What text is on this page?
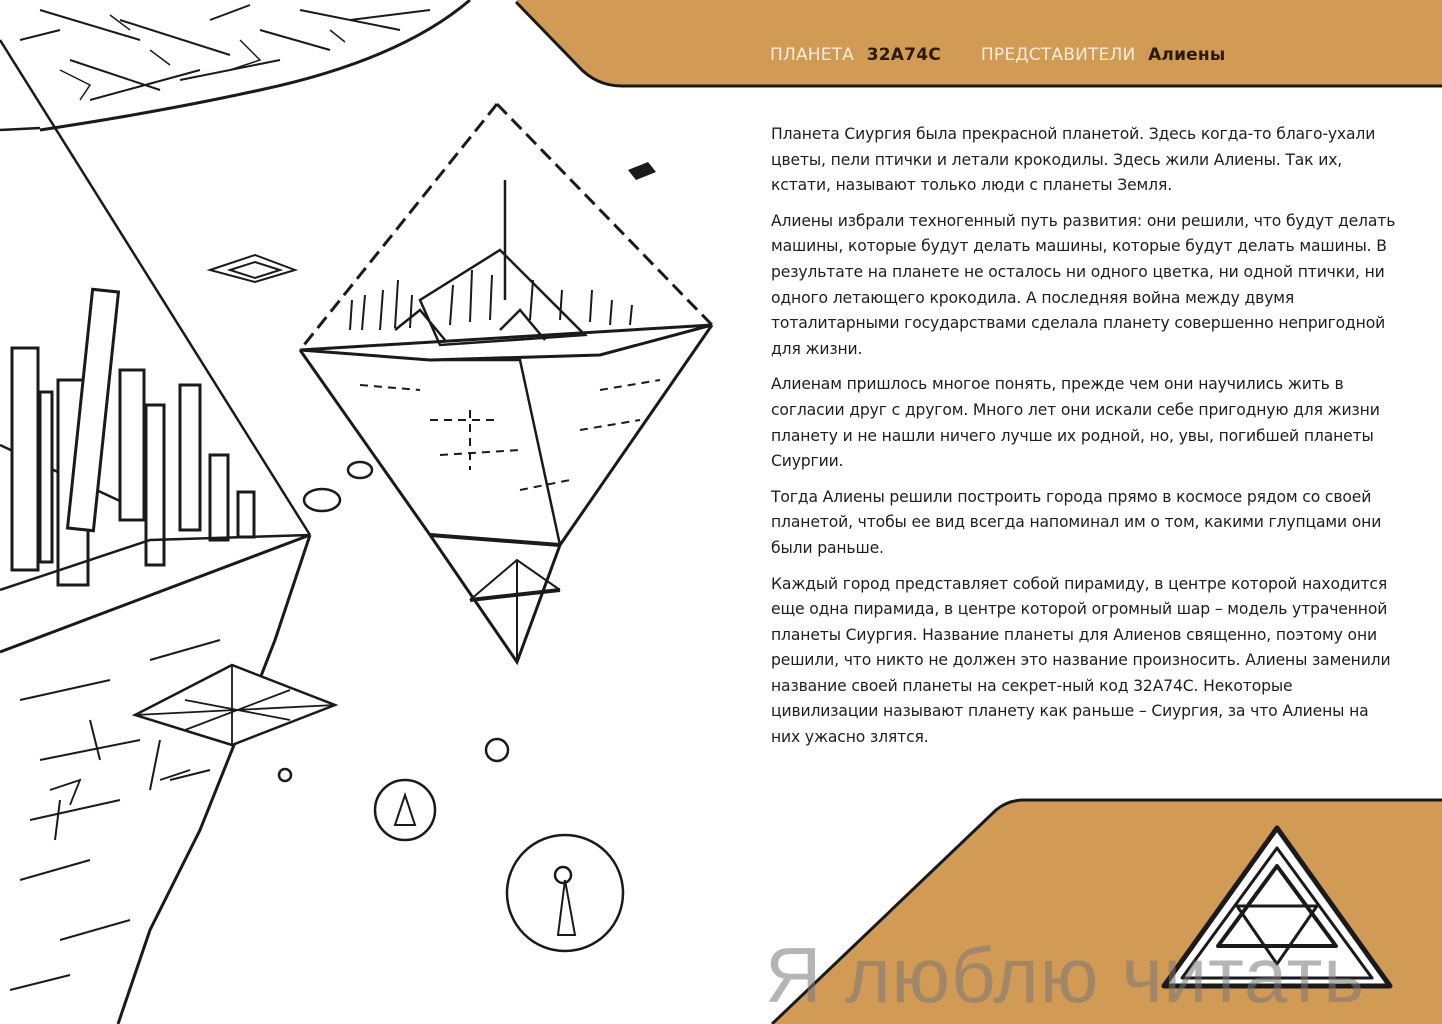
ПЛАНЕТА 32А74С ПРЕДСТАВИТЕЛИ Алиены

Планета Сиургия была прекрасной планетой. Здесь когда-то благо-ухали цветы, пели птички и летали крокодилы. Здесь жили Алиены. Так их, кстати, называют только люди с планеты Земля.

Алиены избрали техногенный путь развития: они решили, что будут делать машины, которые будут делать машины, которые будут делать машины. В результате на планете не осталось ни одного цветка, ни одной птички, ни одного летающего крокодила. А последняя война между двумя тоталитарными государствами сделала планету совершенно непригодной для жизни.

Алиенам пришлось многое понять, прежде чем они научились жить в согласии друг с другом. Много лет они искали себе пригодную для жизни планету и не нашли ничего лучше их родной, но, увы, погибшей планеты Сиургии.

Тогда Алиены решили построить города прямо в космосе рядом со своей планетой, чтобы ее вид всегда напоминал им о том, какими глупцами они были раньше.

Каждый город представляет собой пирамиду, в центре которой находится еще одна пирамида, в центре которой огромный шар – модель утраченной планеты Сиургия. Название планеты для Алиенов священно, поэтому они решили, что никто не должен это название произносить. Алиены заменили название своей планеты на секрет-ный код 32А74С. Некоторые цивилизации называют планету как раньше – Сиургия, за что Алиены на них ужасно злятся.

Я люблю читать
